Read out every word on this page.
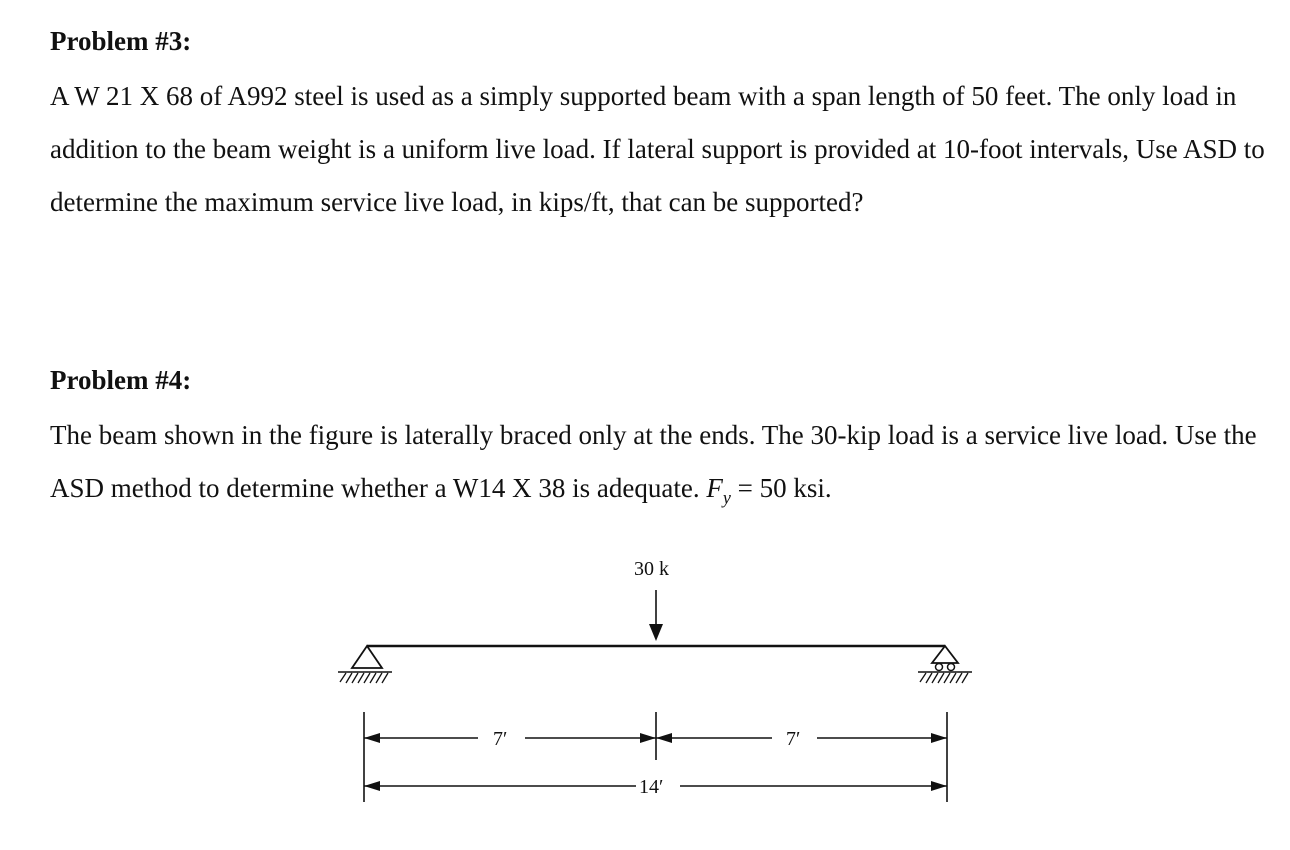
Problem #3:

A W 21 X 68 of A992 steel is used as a simply supported beam with a span length of 50 feet. The only load in addition to the beam weight is a uniform live load. If lateral support is provided at 10-foot intervals, Use ASD to determine the maximum service live load, in kips/ft, that can be supported?

Problem #4:

The beam shown in the figure is laterally braced only at the ends. The 30-kip load is a service live load. Use the ASD method to determine whether a W14 X 38 is adequate. $F_y = 50$ ksi.

30 k
7′	7′
14′
